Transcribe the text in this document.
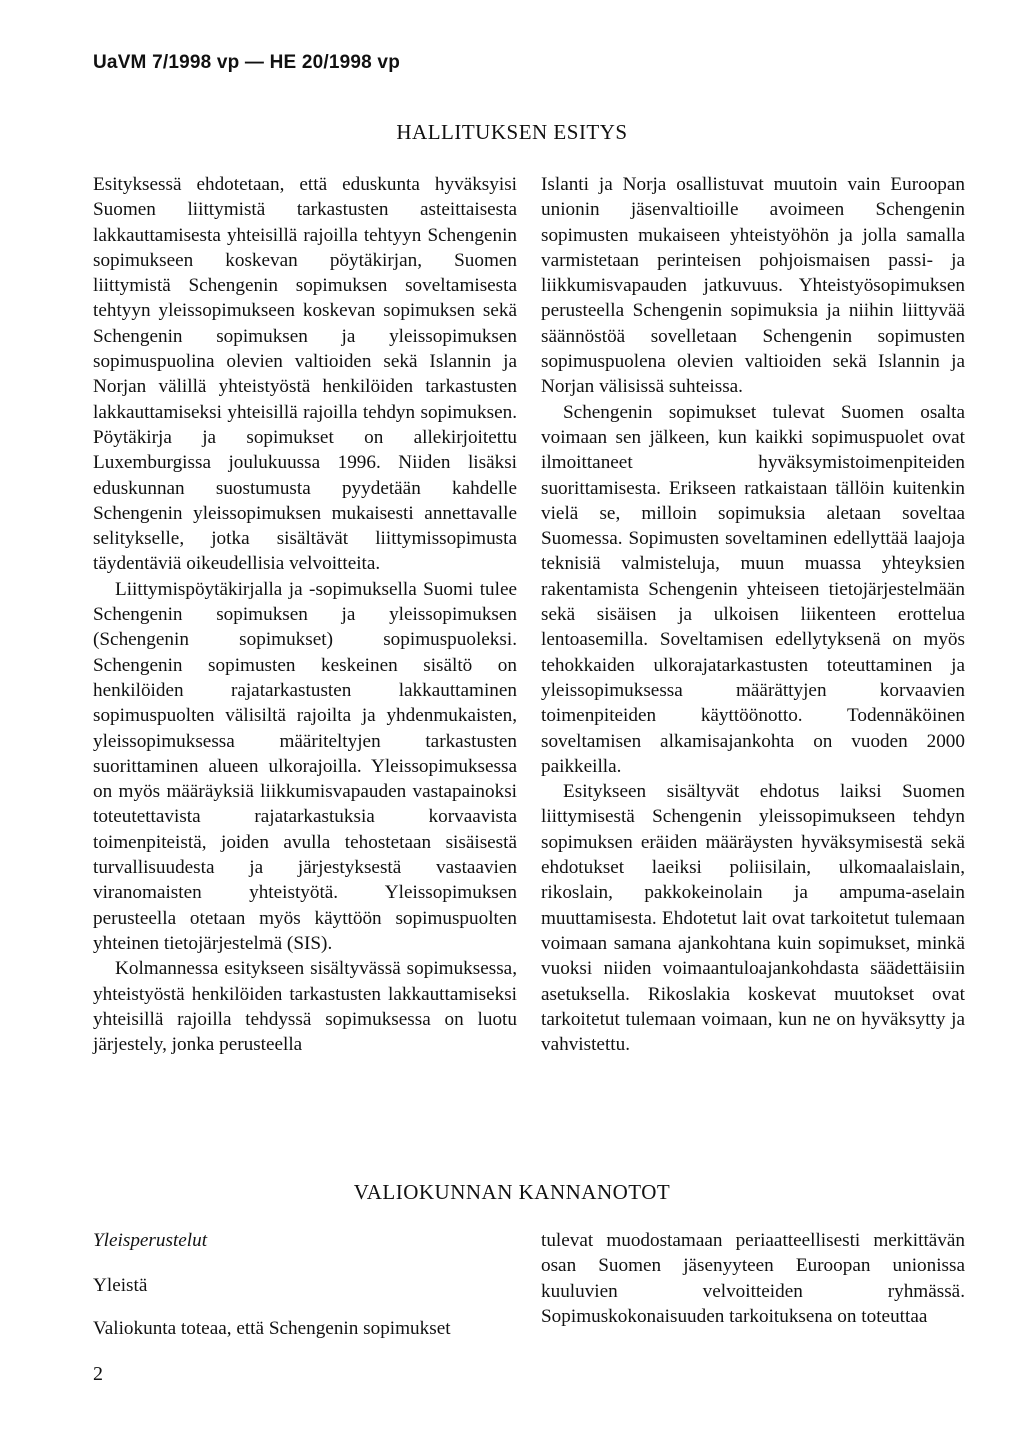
UaVM 7/1998 vp — HE 20/1998 vp
HALLITUKSEN ESITYS

Esityksessä ehdotetaan, että eduskunta hyväksyisi Suomen liittymistä tarkastusten asteittaisesta lakkauttamisesta yhteisillä rajoilla tehtyyn Schengenin sopimukseen koskevan pöytäkirjan, Suomen liittymistä Schengenin sopimuksen soveltamisesta tehtyyn yleissopimukseen koskevan sopimuksen sekä Schengenin sopimuksen ja yleissopimuksen sopimuspuolina olevien valtioiden sekä Islannin ja Norjan välillä yhteistyöstä henkilöiden tarkastusten lakkauttamiseksi yhteisillä rajoilla tehdyn sopimuksen. Pöytäkirja ja sopimukset on allekirjoitettu Luxemburgissa joulukuussa 1996. Niiden lisäksi eduskunnan suostumusta pyydetään kahdelle Schengenin yleissopimuksen mukaisesti annettavalle selitykselle, jotka sisältävät liittymissopimusta täydentäviä oikeudellisia velvoitteita.

Liittymispöytäkirjalla ja -sopimuksella Suomi tulee Schengenin sopimuksen ja yleissopimuksen (Schengenin sopimukset) sopimuspuoleksi. Schengenin sopimusten keskeinen sisältö on henkilöiden rajatarkastusten lakkauttaminen sopimuspuolten välisiltä rajoilta ja yhdenmukaisten, yleissopimuksessa määriteltyjen tarkastusten suorittaminen alueen ulkorajoilla. Yleissopimuksessa on myös määräyksiä liikkumisvapauden vastapainoksi toteutettavista rajatarkastuksia korvaavista toimenpiteistä, joiden avulla tehostetaan sisäisestä turvallisuudesta ja järjestyksestä vastaavien viranomaisten yhteistyötä. Yleissopimuksen perusteella otetaan myös käyttöön sopimuspuolten yhteinen tietojärjestelmä (SIS).

Kolmannessa esitykseen sisältyvässä sopimuksessa, yhteistyöstä henkilöiden tarkastusten lakkauttamiseksi yhteisillä rajoilla tehdyssä sopimuksessa on luotu järjestely, jonka perusteella

Islanti ja Norja osallistuvat muutoin vain Euroopan unionin jäsenvaltioille avoimeen Schengenin sopimusten mukaiseen yhteistyöhön ja jolla samalla varmistetaan perinteisen pohjoismaisen passi- ja liikkumisvapauden jatkuvuus. Yhteistyösopimuksen perusteella Schengenin sopimuksia ja niihin liittyvää säännöstöä sovelletaan Schengenin sopimusten sopimuspuolena olevien valtioiden sekä Islannin ja Norjan välisissä suhteissa.

Schengenin sopimukset tulevat Suomen osalta voimaan sen jälkeen, kun kaikki sopimuspuolet ovat ilmoittaneet hyväksymistoimenpiteiden suorittamisesta. Erikseen ratkaistaan tällöin kuitenkin vielä se, milloin sopimuksia aletaan soveltaa Suomessa. Sopimusten soveltaminen edellyttää laajoja teknisiä valmisteluja, muun muassa yhteyksien rakentamista Schengenin yhteiseen tietojärjestelmään sekä sisäisen ja ulkoisen liikenteen erottelua lentoasemilla. Soveltamisen edellytyksenä on myös tehokkaiden ulkorajatarkastusten toteuttaminen ja yleissopimuksessa määrättyjen korvaavien toimenpiteiden käyttöönotto. Todennäköinen soveltamisen alkamisajankohta on vuoden 2000 paikkeilla.

Esitykseen sisältyvät ehdotus laiksi Suomen liittymisestä Schengenin yleissopimukseen tehdyn sopimuksen eräiden määräysten hyväksymisestä sekä ehdotukset laeiksi poliisilain, ulkomaalaislain, rikoslain, pakkokeinolain ja ampuma-aselain muuttamisesta. Ehdotetut lait ovat tarkoitetut tulemaan voimaan samana ajankohtana kuin sopimukset, minkä vuoksi niiden voimaantuloajankohdasta säädettäisiin asetuksella. Rikoslakia koskevat muutokset ovat tarkoitetut tulemaan voimaan, kun ne on hyväksytty ja vahvistettu.

VALIOKUNNAN KANNANOTOT

Yleisperustelut

Yleistä

Valiokunta toteaa, että Schengenin sopimukset

tulevat muodostamaan periaatteellisesti merkittävän osan Suomen jäsenyyteen Euroopan unionissa kuuluvien velvoitteiden ryhmässä. Sopimuskokonaisuuden tarkoituksena on toteuttaa

2
